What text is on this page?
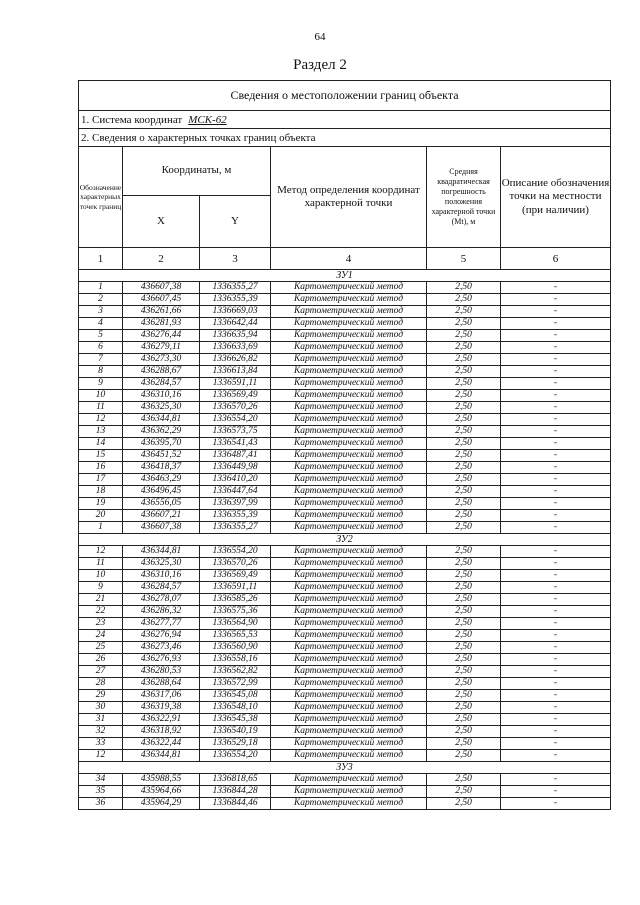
64
Раздел 2
Сведения о местоположении границ объекта					
1. Система координат МСК-62					
2. Сведения о характерных точках границ объекта					
Обозначение характерных точек границ	Координаты, м		Метод определения координат характерной точки	Средняя квадратическая погрешность положения характерной точки (Mt), м	Описание обозначения точки на местности (при наличии)
	X	Y			
1	2	3	4	5	6
ЗУ1					
1	436607,38	1336355,27	Картометрический метод	2,50	-
2	436607,45	1336355,39	Картометрический метод	2,50	-
3	436261,66	1336669,03	Картометрический метод	2,50	-
4	436281,93	1336642,44	Картометрический метод	2,50	-
5	436276,44	1336635,94	Картометрический метод	2,50	-
6	436279,11	1336633,69	Картометрический метод	2,50	-
7	436273,30	1336626,82	Картометрический метод	2,50	-
8	436288,67	1336613,84	Картометрический метод	2,50	-
9	436284,57	1336591,11	Картометрический метод	2,50	-
10	436310,16	1336569,49	Картометрический метод	2,50	-
11	436325,30	1336570,26	Картометрический метод	2,50	-
12	436344,81	1336554,20	Картометрический метод	2,50	-
13	436362,29	1336573,75	Картометрический метод	2,50	-
14	436395,70	1336541,43	Картометрический метод	2,50	-
15	436451,52	1336487,41	Картометрический метод	2,50	-
16	436418,37	1336449,98	Картометрический метод	2,50	-
17	436463,29	1336410,20	Картометрический метод	2,50	-
18	436496,45	1336447,64	Картометрический метод	2,50	-
19	436556,05	1336397,99	Картометрический метод	2,50	-
20	436607,21	1336355,39	Картометрический метод	2,50	-
1	436607,38	1336355,27	Картометрический метод	2,50	-
ЗУ2					
12	436344,81	1336554,20	Картометрический метод	2,50	-
11	436325,30	1336570,26	Картометрический метод	2,50	-
10	436310,16	1336569,49	Картометрический метод	2,50	-
9	436284,57	1336591,11	Картометрический метод	2,50	-
21	436278,07	1336585,26	Картометрический метод	2,50	-
22	436286,32	1336575,36	Картометрический метод	2,50	-
23	436277,77	1336564,90	Картометрический метод	2,50	-
24	436276,94	1336565,53	Картометрический метод	2,50	-
25	436273,46	1336560,90	Картометрический метод	2,50	-
26	436276,93	1336558,16	Картометрический метод	2,50	-
27	436280,53	1336562,82	Картометрический метод	2,50	-
28	436288,64	1336572,99	Картометрический метод	2,50	-
29	436317,06	1336545,08	Картометрический метод	2,50	-
30	436319,38	1336548,10	Картометрический метод	2,50	-
31	436322,91	1336545,38	Картометрический метод	2,50	-
32	436318,92	1336540,19	Картометрический метод	2,50	-
33	436322,44	1336529,18	Картометрический метод	2,50	-
12	436344,81	1336554,20	Картометрический метод	2,50	-
ЗУ3					
34	435988,55	1336818,65	Картометрический метод	2,50	-
35	435964,66	1336844,28	Картометрический метод	2,50	-
36	435964,29	1336844,46	Картометрический метод	2,50	-
